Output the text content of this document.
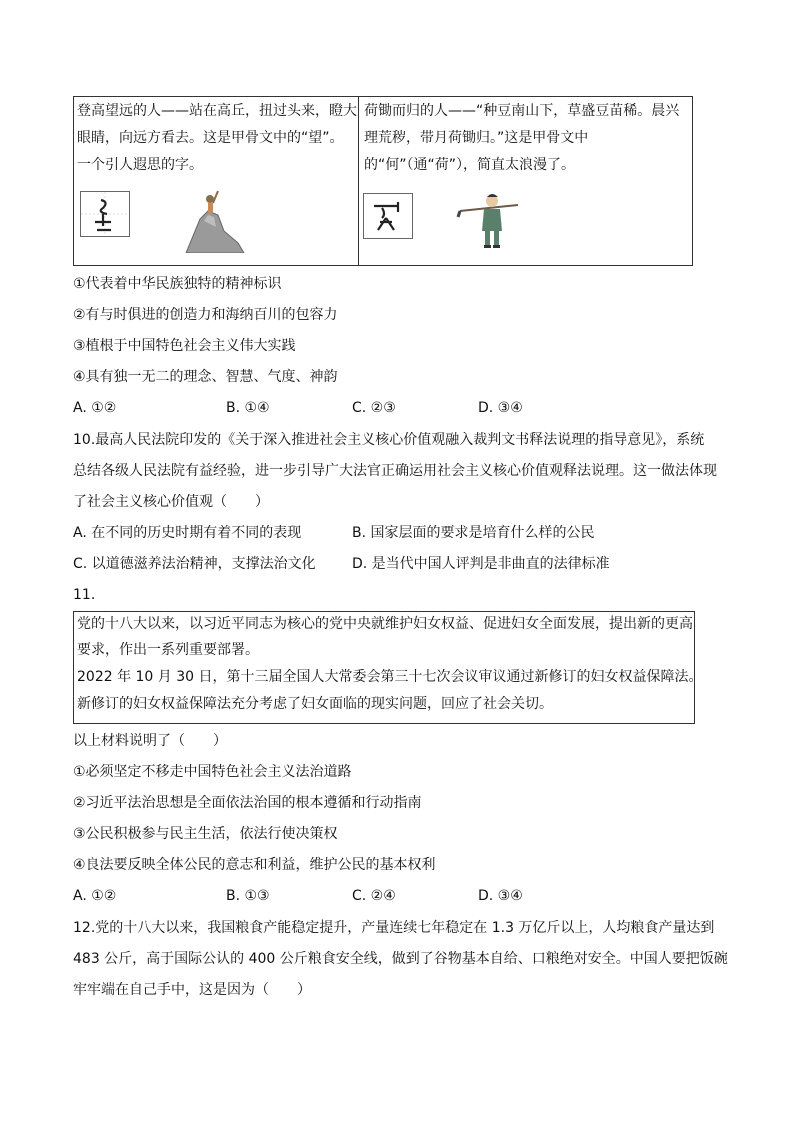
登高望远的人——站在高丘，扭过头来，瞪大眼睛，向远方看去。这是甲骨文中的“望”。一个引人遐思的字。
荷锄而归的人——“种豆南山下，草盛豆苗稀。晨兴理荒秽，带月荷锄归。”这是甲骨文中的“何”（通“荷”），简直太浪漫了。
①代表着中华民族独特的精神标识
②有与时俱进的创造力和海纳百川的包容力
③植根于中国特色社会主义伟大实践
④具有独一无二的理念、智慧、气度、神韵
A. ①②	B. ①④	C. ②③	D. ③④
10.最高人民法院印发的《关于深入推进社会主义核心价值观融入裁判文书释法说理的指导意见》，系统
总结各级人民法院有益经验，进一步引导广大法官正确运用社会主义核心价值观释法说理。这一做法体现
了社会主义核心价值观（　　）
A. 在不同的历史时期有着不同的表现	B. 国家层面的要求是培育什么样的公民
C. 以道德滋养法治精神，支撑法治文化	D. 是当代中国人评判是非曲直的法律标准
11.
党的十八大以来，以习近平同志为核心的党中央就维护妇女权益、促进妇女全面发展，提出新的更高
要求，作出一系列重要部署。
2022 年 10 月 30 日，第十三届全国人大常委会第三十七次会议审议通过新修订的妇女权益保障法。
新修订的妇女权益保障法充分考虑了妇女面临的现实问题，回应了社会关切。
以上材料说明了（　　）
①必须坚定不移走中国特色社会主义法治道路
②习近平法治思想是全面依法治国的根本遵循和行动指南
③公民积极参与民主生活，依法行使决策权
④良法要反映全体公民的意志和利益，维护公民的基本权利
A. ①②	B. ①③	C. ②④	D. ③④
12.党的十八大以来，我国粮食产能稳定提升，产量连续七年稳定在 1.3 万亿斤以上，人均粮食产量达到
483 公斤，高于国际公认的 400 公斤粮食安全线，做到了谷物基本自给、口粮绝对安全。中国人要把饭碗
牢牢端在自己手中，这是因为（　　）
